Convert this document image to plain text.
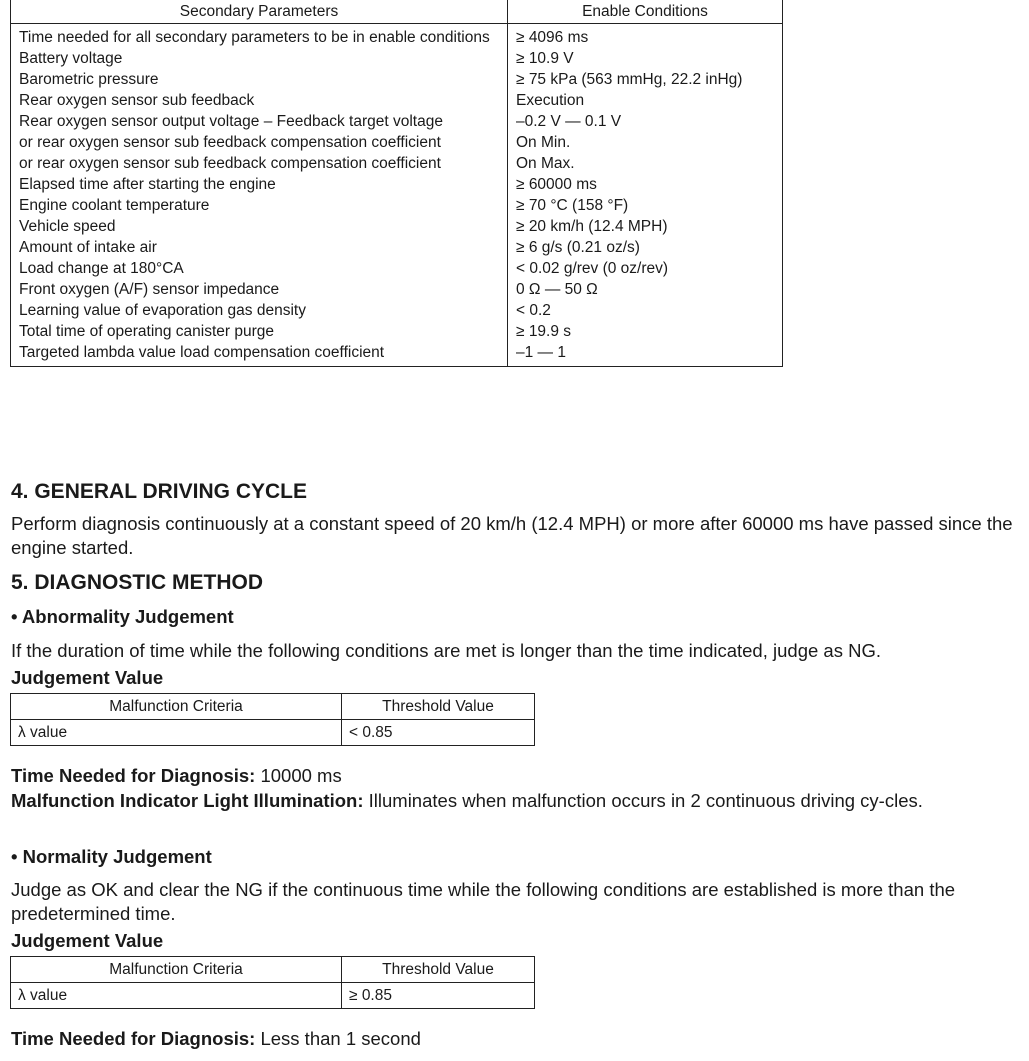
Secondary Parameters	Enable Conditions
Time needed for all secondary parameters to be in enable conditions	≥ 4096 ms
Battery voltage	≥ 10.9 V
Barometric pressure	≥ 75 kPa (563 mmHg, 22.2 inHg)
Rear oxygen sensor sub feedback	Execution
Rear oxygen sensor output voltage – Feedback target voltage	–0.2 V — 0.1 V
or rear oxygen sensor sub feedback compensation coefficient	On Min.
or rear oxygen sensor sub feedback compensation coefficient	On Max.
Elapsed time after starting the engine	≥ 60000 ms
Engine coolant temperature	≥ 70 °C (158 °F)
Vehicle speed	≥ 20 km/h (12.4 MPH)
Amount of intake air	≥ 6 g/s (0.21 oz/s)
Load change at 180°CA	< 0.02 g/rev (0 oz/rev)
Front oxygen (A/F) sensor impedance	0 Ω — 50 Ω
Learning value of evaporation gas density	< 0.2
Total time of operating canister purge	≥ 19.9 s
Targeted lambda value load compensation coefficient	–1 — 1
4. GENERAL DRIVING CYCLE
Perform diagnosis continuously at a constant speed of 20 km/h (12.4 MPH) or more after 60000 ms have passed since the engine started.
5. DIAGNOSTIC METHOD
• Abnormality Judgement
If the duration of time while the following conditions are met is longer than the time indicated, judge as NG.
Judgement Value
Malfunction Criteria	Threshold Value
λ value	< 0.85
Time Needed for Diagnosis: 10000 ms
Malfunction Indicator Light Illumination: Illuminates when malfunction occurs in 2 continuous driving cy-cles.
• Normality Judgement
Judge as OK and clear the NG if the continuous time while the following conditions are established is more than the predetermined time.
Judgement Value
Malfunction Criteria	Threshold Value
λ value	≥ 0.85
Time Needed for Diagnosis: Less than 1 second
